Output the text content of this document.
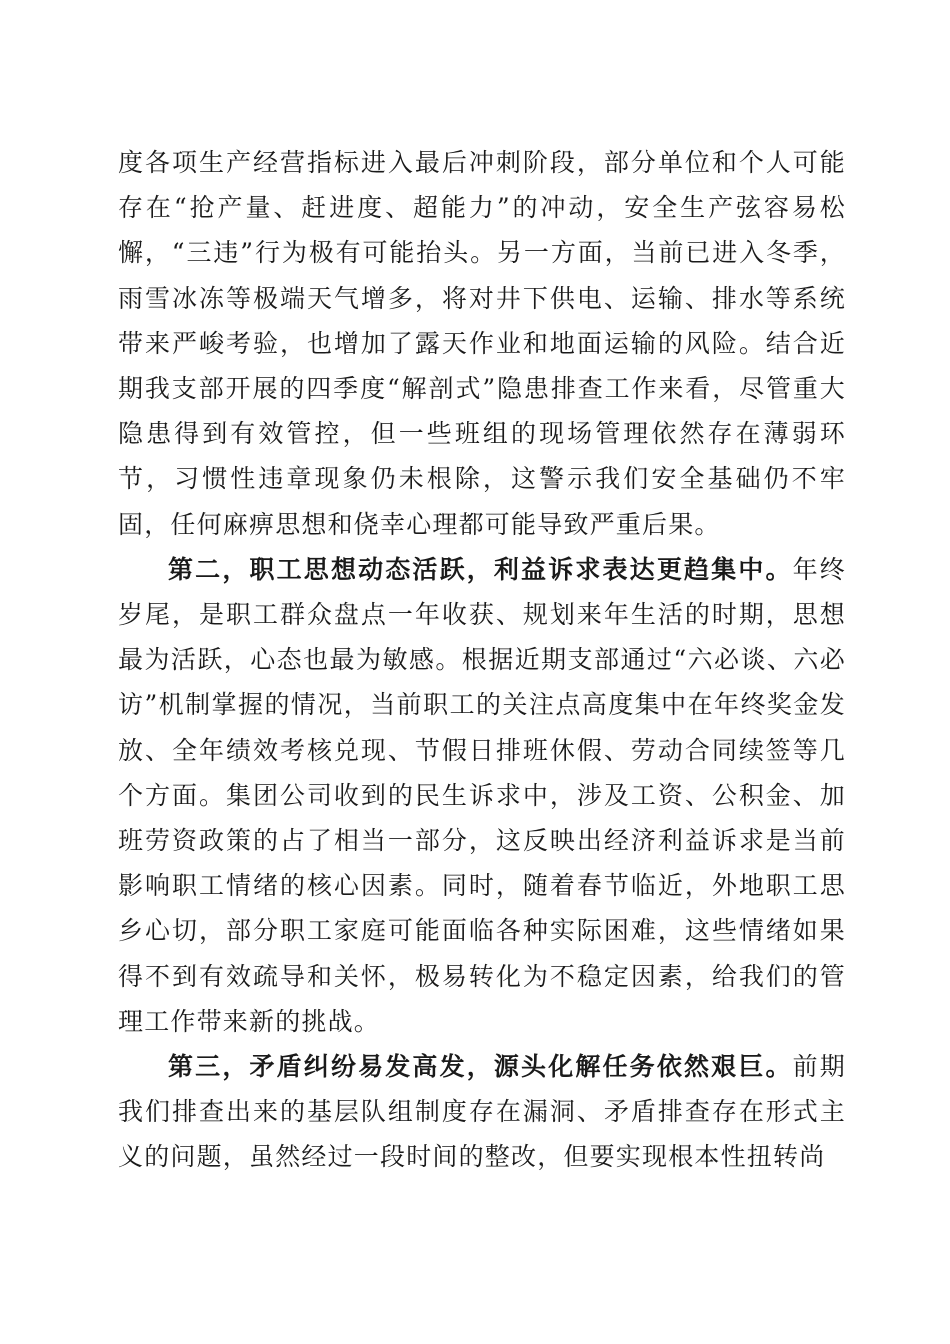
度各项生产经营指标进入最后冲刺阶段，部分单位和个人可能存在“抢产量、赶进度、超能力”的冲动，安全生产弦容易松懈，“三违”行为极有可能抬头。另一方面，当前已进入冬季，雨雪冰冻等极端天气增多，将对井下供电、运输、排水等系统带来严峻考验，也增加了露天作业和地面运输的风险。结合近期我支部开展的四季度“解剖式”隐患排查工作来看，尽管重大隐患得到有效管控，但一些班组的现场管理依然存在薄弱环节，习惯性违章现象仍未根除，这警示我们安全基础仍不牢固，任何麻痹思想和侥幸心理都可能导致严重后果。

第二，职工思想动态活跃，利益诉求表达更趋集中。年终岁尾，是职工群众盘点一年收获、规划来年生活的时期，思想最为活跃，心态也最为敏感。根据近期支部通过“六必谈、六必访”机制掌握的情况，当前职工的关注点高度集中在年终奖金发放、全年绩效考核兑现、节假日排班休假、劳动合同续签等几个方面。集团公司收到的民生诉求中，涉及工资、公积金、加班劳资政策的占了相当一部分，这反映出经济利益诉求是当前影响职工情绪的核心因素。同时，随着春节临近，外地职工思乡心切，部分职工家庭可能面临各种实际困难，这些情绪如果得不到有效疏导和关怀，极易转化为不稳定因素，给我们的管理工作带来新的挑战。

第三，矛盾纠纷易发高发，源头化解任务依然艰巨。前期我们排查出来的基层队组制度存在漏洞、矛盾排查存在形式主义的问题，虽然经过一段时间的整改，但要实现根本性扭转尚
